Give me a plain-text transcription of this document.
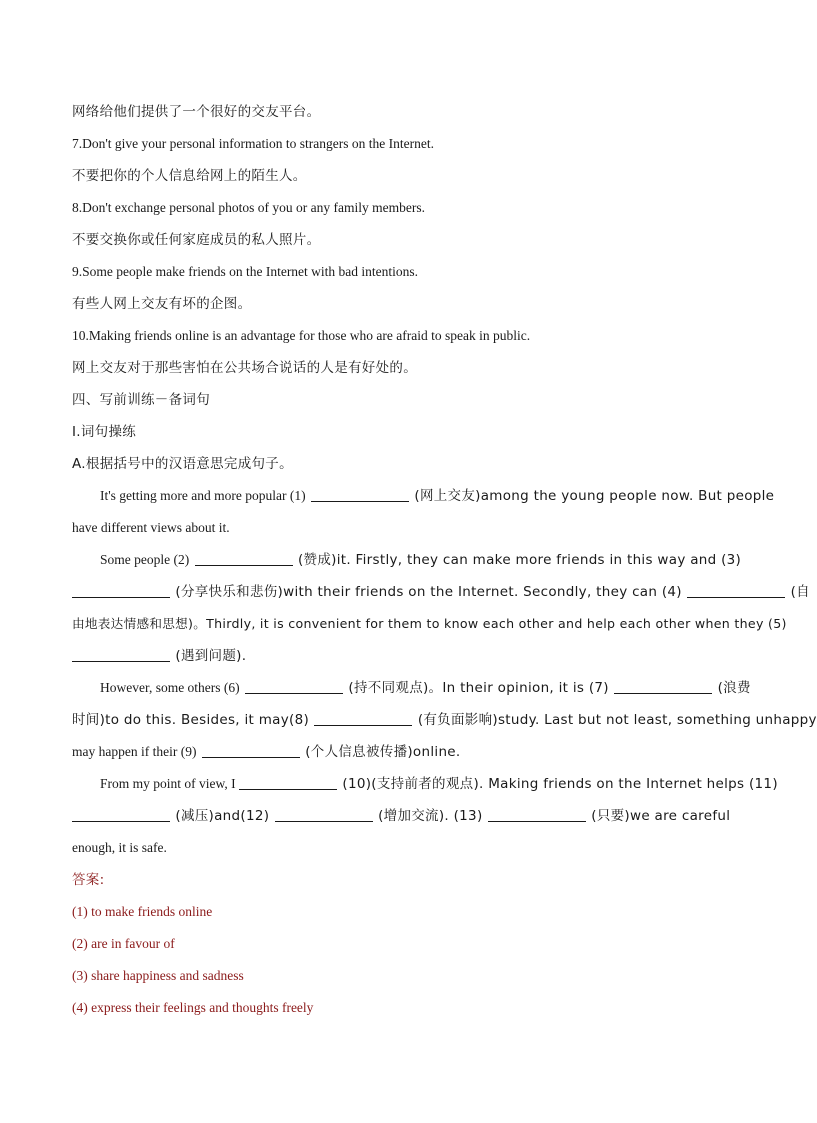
网络给他们提供了一个很好的交友平台。
7.Don't give your personal information to strangers on the Internet.
不要把你的个人信息给网上的陌生人。
8.Don't exchange personal photos of you or any family members.
不要交换你或任何家庭成员的私人照片。
9.Some people make friends on the Internet with bad intentions.
有些人网上交友有坏的企图。
10.Making friends online is an advantage for those who are afraid to speak in public.
网上交友对于那些害怕在公共场合说话的人是有好处的。
四、写前训练－备词句
I.词句操练
A.根据括号中的汉语意思完成句子。
It's getting more and more popular (1)	(网上交友)among the young people now. But people
have different views about it.
Some people (2)	(赞成)it. Firstly, they can make more friends in this way and (3)
(分享快乐和悲伤)with their friends on the Internet. Secondly, they can (4)	(自
由地表达情感和思想)。Thirdly, it is convenient for them to know each other and help each other when they (5)
(遇到问题).
However, some others (6)	(持不同观点)。In their opinion, it is (7)	(浪费
时间)to do this. Besides, it may(8)	(有负面影响)study. Last but not least, something unhappy
may happen if their (9)	(个人信息被传播)online.
From my point of view, I	(10)(支持前者的观点). Making friends on the Internet helps (11)
(减压)and(12)	(增加交流). (13)	(只要)we are careful
enough, it is safe.
答案:
(1) to make friends online
(2) are in favour of
(3) share happiness and sadness
(4) express their feelings and thoughts freely
